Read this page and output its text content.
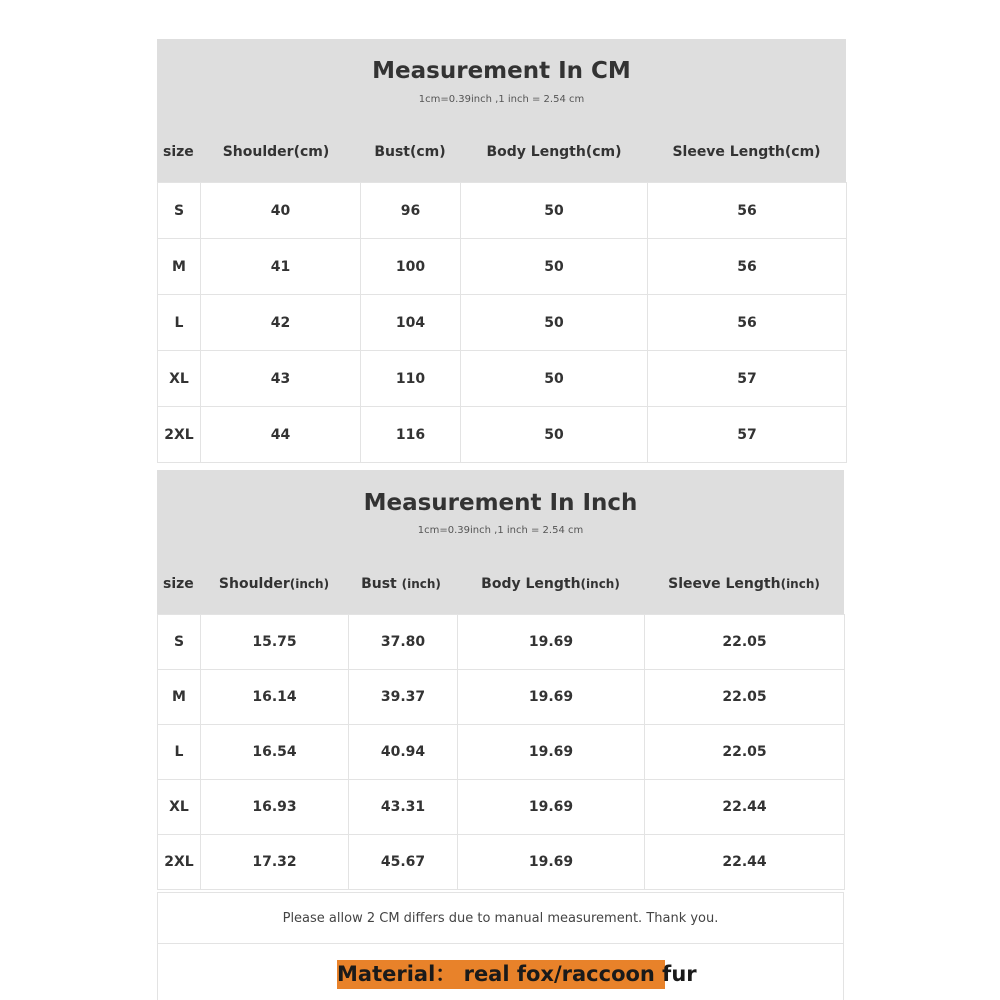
Measurement In CM
1cm=0.39inch ,1 inch = 2.54 cm
size	Shoulder(cm)	Bust(cm)	Body Length(cm)	Sleeve Length(cm)
S	40	96	50	56
M	41	100	50	56
L	42	104	50	56
XL	43	110	50	57
2XL	44	116	50	57
Measurement In Inch
1cm=0.39inch ,1 inch = 2.54 cm
size	Shoulder(inch)	Bust (inch)	Body Length(inch)	Sleeve Length(inch)
S	15.75	37.80	19.69	22.05
M	16.14	39.37	19.69	22.05
L	16.54	40.94	19.69	22.05
XL	16.93	43.31	19.69	22.44
2XL	17.32	45.67	19.69	22.44
Please allow 2 CM differs due to manual measurement. Thank you.
Material： real fox/raccoon fur
